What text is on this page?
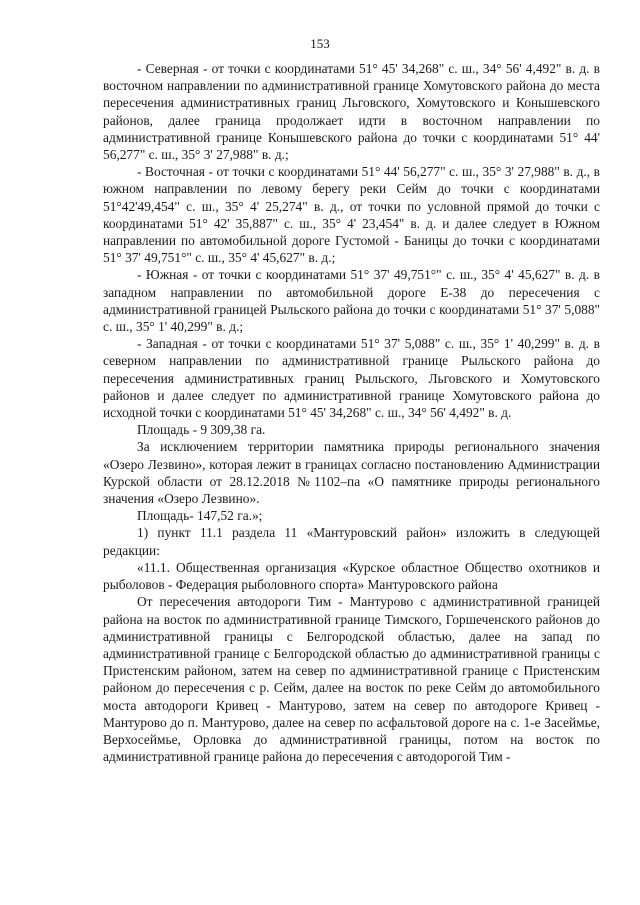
153

- Северная - от точки с координатами 51° 45' 34,268" с. ш., 34° 56' 4,492" в. д. в восточном направлении по административной границе Хомутовского района до места пересечения административных границ Льговского, Хомутовского и Конышевского районов, далее граница продолжает идти в восточном направлении по административной границе Конышевского района до точки с координатами 51° 44' 56,277" с. ш., 35° 3' 27,988" в. д.;

- Восточная - от точки с координатами 51° 44' 56,277" с. ш., 35° 3' 27,988" в. д., в южном направлении по левому берегу реки Сейм до точки с координатами 51°42'49,454" с. ш., 35° 4' 25,274" в. д., от точки по условной прямой до точки с координатами 51° 42' 35,887" с. ш., 35° 4' 23,454" в. д. и далее следует в Южном направлении по автомобильной дороге Густомой - Баницы до точки с координатами 51° 37' 49,751°" с. ш., 35° 4' 45,627" в. д.;

- Южная - от точки с координатами 51° 37' 49,751°" с. ш., 35° 4' 45,627" в. д. в западном направлении по автомобильной дороге Е-38 до пересечения с административной границей Рыльского района до точки с координатами 51° 37' 5,088" с. ш., 35° 1' 40,299" в. д.;

- Западная - от точки с координатами 51° 37' 5,088" с. ш., 35° 1' 40,299" в. д. в северном направлении по административной границе Рыльского района до пересечения административных границ Рыльского, Льговского и Хомутовского районов и далее следует по административной границе Хомутовского района до исходной точки с координатами 51° 45' 34,268" с. ш., 34° 56' 4,492" в. д.

Площадь - 9 309,38 га.

За исключением территории памятника природы регионального значения «Озеро Лезвино», которая лежит в границах согласно постановлению Администрации Курской области от 28.12.2018 №1102–па «О памятнике природы регионального значения «Озеро Лезвино».

Площадь- 147,52 га.»;

1) пункт 11.1 раздела 11 «Мантуровский район» изложить в следующей редакции:

«11.1. Общественная организация «Курское областное Общество охотников и рыболовов - Федерация рыболовного спорта» Мантуровского района

От пересечения автодороги Тим - Мантурово с административной границей района на восток по административной границе Тимского, Горшеченского районов до административной границы с Белгородской областью, далее на запад по административной границе с Белгородской областью до административной границы с Пристенским районом, затем на север по административной границе с Пристенским районом до пересечения с р. Сейм, далее на восток по реке Сейм до автомобильного моста автодороги Кривец - Мантурово, затем на север по автодороге Кривец - Мантурово до п. Мантурово, далее на север по асфальтовой дороге на с. 1-е Засеймье, Верхосеймье, Орловка до административной границы, потом на восток по административной границе района до пересечения с автодорогой Тим -
